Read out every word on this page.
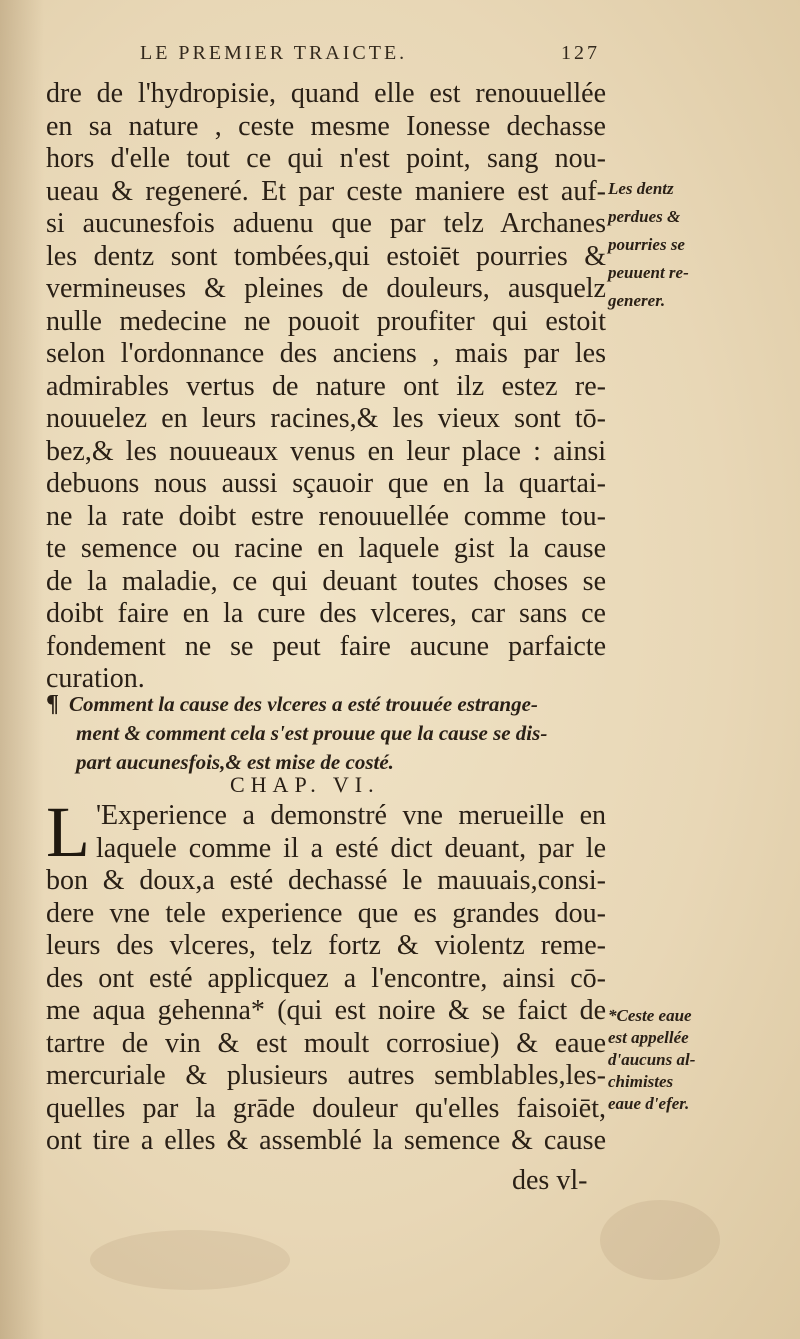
LE PREMIER TRAICTE.	127
dre de l'hydropisie, quand elle est renouuellée
en sa nature , ceste mesme Ionesse dechasse
hors d'elle tout ce qui n'est point, sang nou-
ueau & regeneré. Et par ceste maniere est auf-
si aucunesfois aduenu que par telz Archanes
les dentz sont tombées,qui estoiēt pourries &
vermineuses & pleines de douleurs, ausquelz
nulle medecine ne pouoit proufiter qui estoit
selon l'ordonnance des anciens , mais par les
admirables vertus de nature ont ilz estez re-
nouuelez en leurs racines,& les vieux sont tō-
bez,& les nouueaux venus en leur place : ainsi
debuons nous aussi sçauoir que en la quartai-
ne la rate doibt estre renouuellée comme tou-
te semence ou racine en laquele gist la cause
de la maladie, ce qui deuant toutes choses se
doibt faire en la cure des vlceres, car sans ce
fondement ne se peut faire aucune parfaicte
curation.
Les dentz
perdues &
pourries se
peuuent re-
generer.
¶ Comment la cause des vlceres a esté trouuée estrange-
ment & comment cela s'est prouue que la cause se dis-
part aucunesfois,& est mise de costé.
CHAP. VI.
L 'Experience a demonstré vne merueille en
laquele comme il a esté dict deuant, par le
bon & doux,a esté dechassé le mauuais,consi-
dere vne tele experience que es grandes dou-
leurs des vlceres, telz fortz & violentz reme-
des ont esté applicquez a l'encontre, ainsi cō-
me aqua gehenna* (qui est noire & se faict de
tartre de vin & est moult corrosiue) & eaue
mercuriale & plusieurs autres semblables,les-
quelles par la grāde douleur qu'elles faisoiēt,
ont tire a elles & assemblé la semence & cause
*Ceste eaue
est appellée
d'aucuns al-
chimistes
eaue d'efer.
des vl-
